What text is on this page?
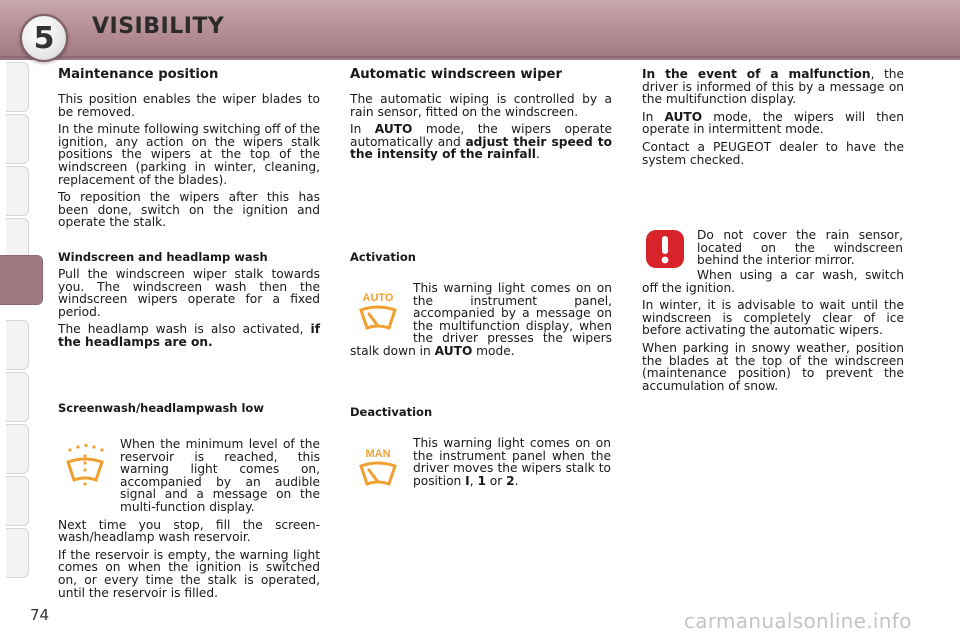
5 VISIBILITY
Maintenance position

This position enables the wiper blades to be removed.

In the minute following switching off of the ignition, any action on the wipers stalk positions the wipers at the top of the windscreen (parking in winter, cleaning, replacement of the blades).

To reposition the wipers after this has been done, switch on the ignition and operate the stalk.

Windscreen and headlamp wash

Pull the windscreen wiper stalk towards you. The windscreen wash then the windscreen wipers operate for a fixed period.

The headlamp wash is also activated, if the headlamps are on.

Screenwash/headlampwash low

When the minimum level of the reservoir is reached, this warning light comes on, accompanied by an audible signal and a message on the multi-function display.

Next time you stop, fill the screen-wash/headlamp wash reservoir.

If the reservoir is empty, the warning light comes on when the ignition is switched on, or every time the stalk is operated, until the reservoir is filled.

Automatic windscreen wiper

The automatic wiping is controlled by a rain sensor, fitted on the windscreen.

In AUTO mode, the wipers operate automatically and adjust their speed to the intensity of the rainfall.

Activation
AUTO

This warning light comes on on the instrument panel, accompanied by a message on the multifunction display, when the driver presses the wipers stalk down in AUTO mode.

Deactivation
MAN

This warning light comes on on the instrument panel when the driver moves the wipers stalk to position I, 1 or 2.

In the event of a malfunction, the driver is informed of this by a message on the multifunction display.

In AUTO mode, the wipers will then operate in intermittent mode.

Contact a PEUGEOT dealer to have the system checked.

Do not cover the rain sensor, located on the windscreen behind the interior mirror.

When using a car wash, switch off the ignition.

In winter, it is advisable to wait until the windscreen is completely clear of ice before activating the automatic wipers.

When parking in snowy weather, position the blades at the top of the windscreen (maintenance position) to prevent the accumulation of snow.

74	carmanualsonline.info
